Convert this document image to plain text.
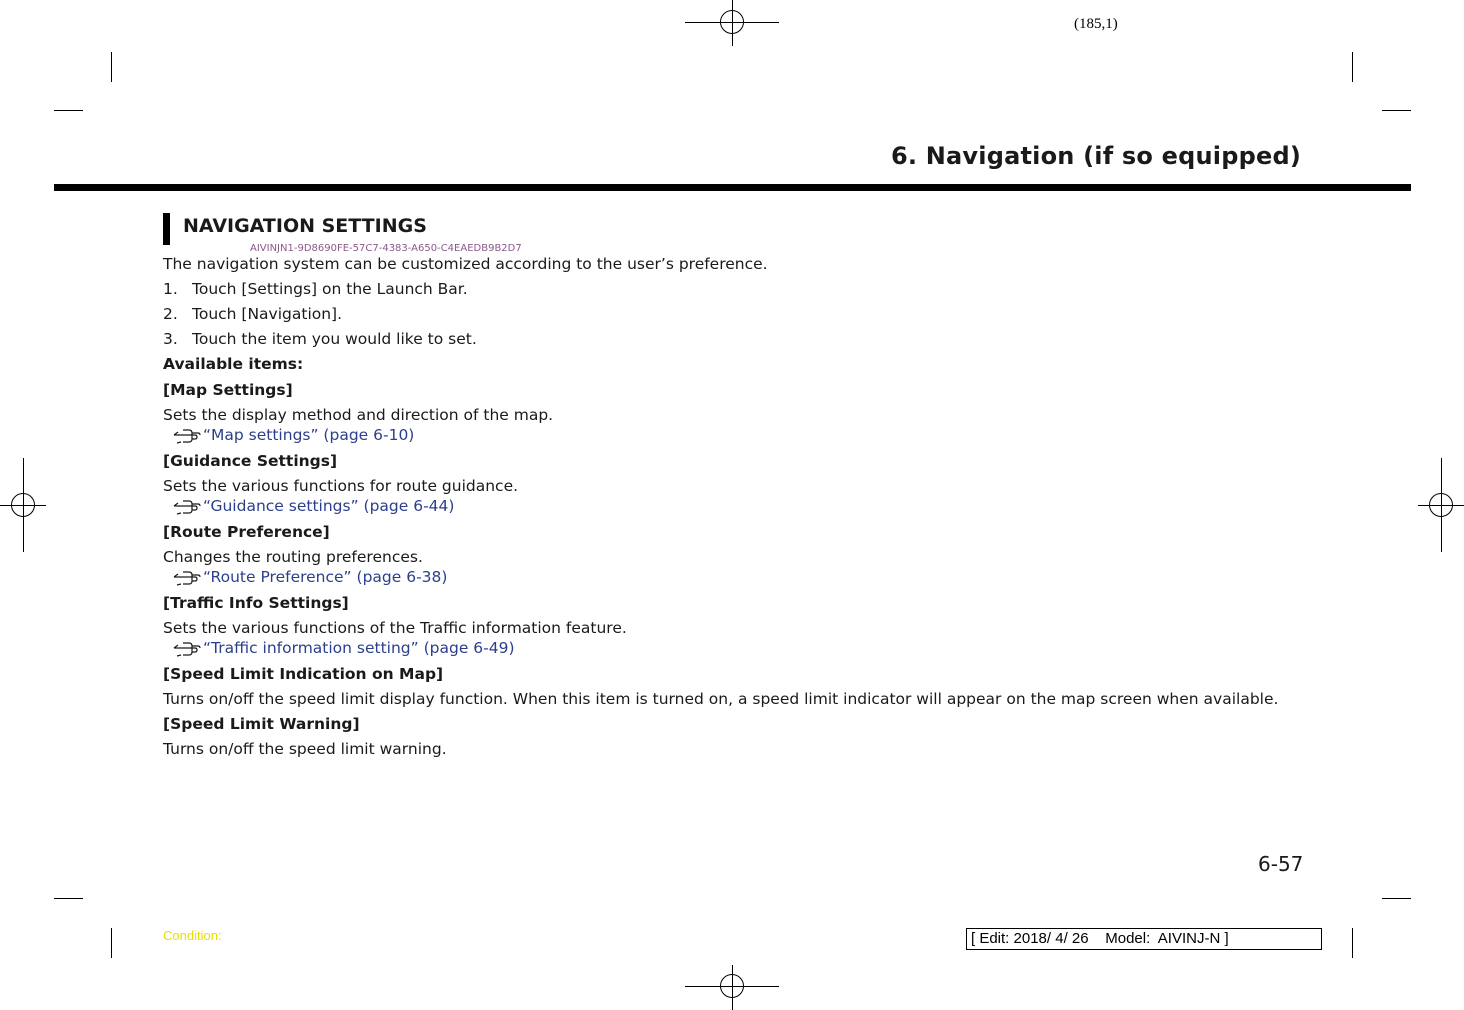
(185,1)
6. Navigation (if so equipped)
NAVIGATION SETTINGS
AIVINJN1-9D8690FE-57C7-4383-A650-C4EAEDB9B2D7

The navigation system can be customized according to the user’s preference.

1. Touch [Settings] on the Launch Bar.
2. Touch [Navigation].
3. Touch the item you would like to set.

Available items:

[Map Settings]

Sets the display method and direction of the map.

“Map settings” (page 6-10)

[Guidance Settings]

Sets the various functions for route guidance.

“Guidance settings” (page 6-44)

[Route Preference]

Changes the routing preferences.

“Route Preference” (page 6-38)

[Traffic Info Settings]

Sets the various functions of the Traffic information feature.

“Traffic information setting” (page 6-49)

[Speed Limit Indication on Map]

Turns on/off the speed limit display function. When this item is turned on, a speed limit indicator will appear on the map screen when available.

[Speed Limit Warning]

Turns on/off the speed limit warning.

6-57
Condition:	[ Edit: 2018/ 4/ 26    Model:  AIVINJ-N ]
